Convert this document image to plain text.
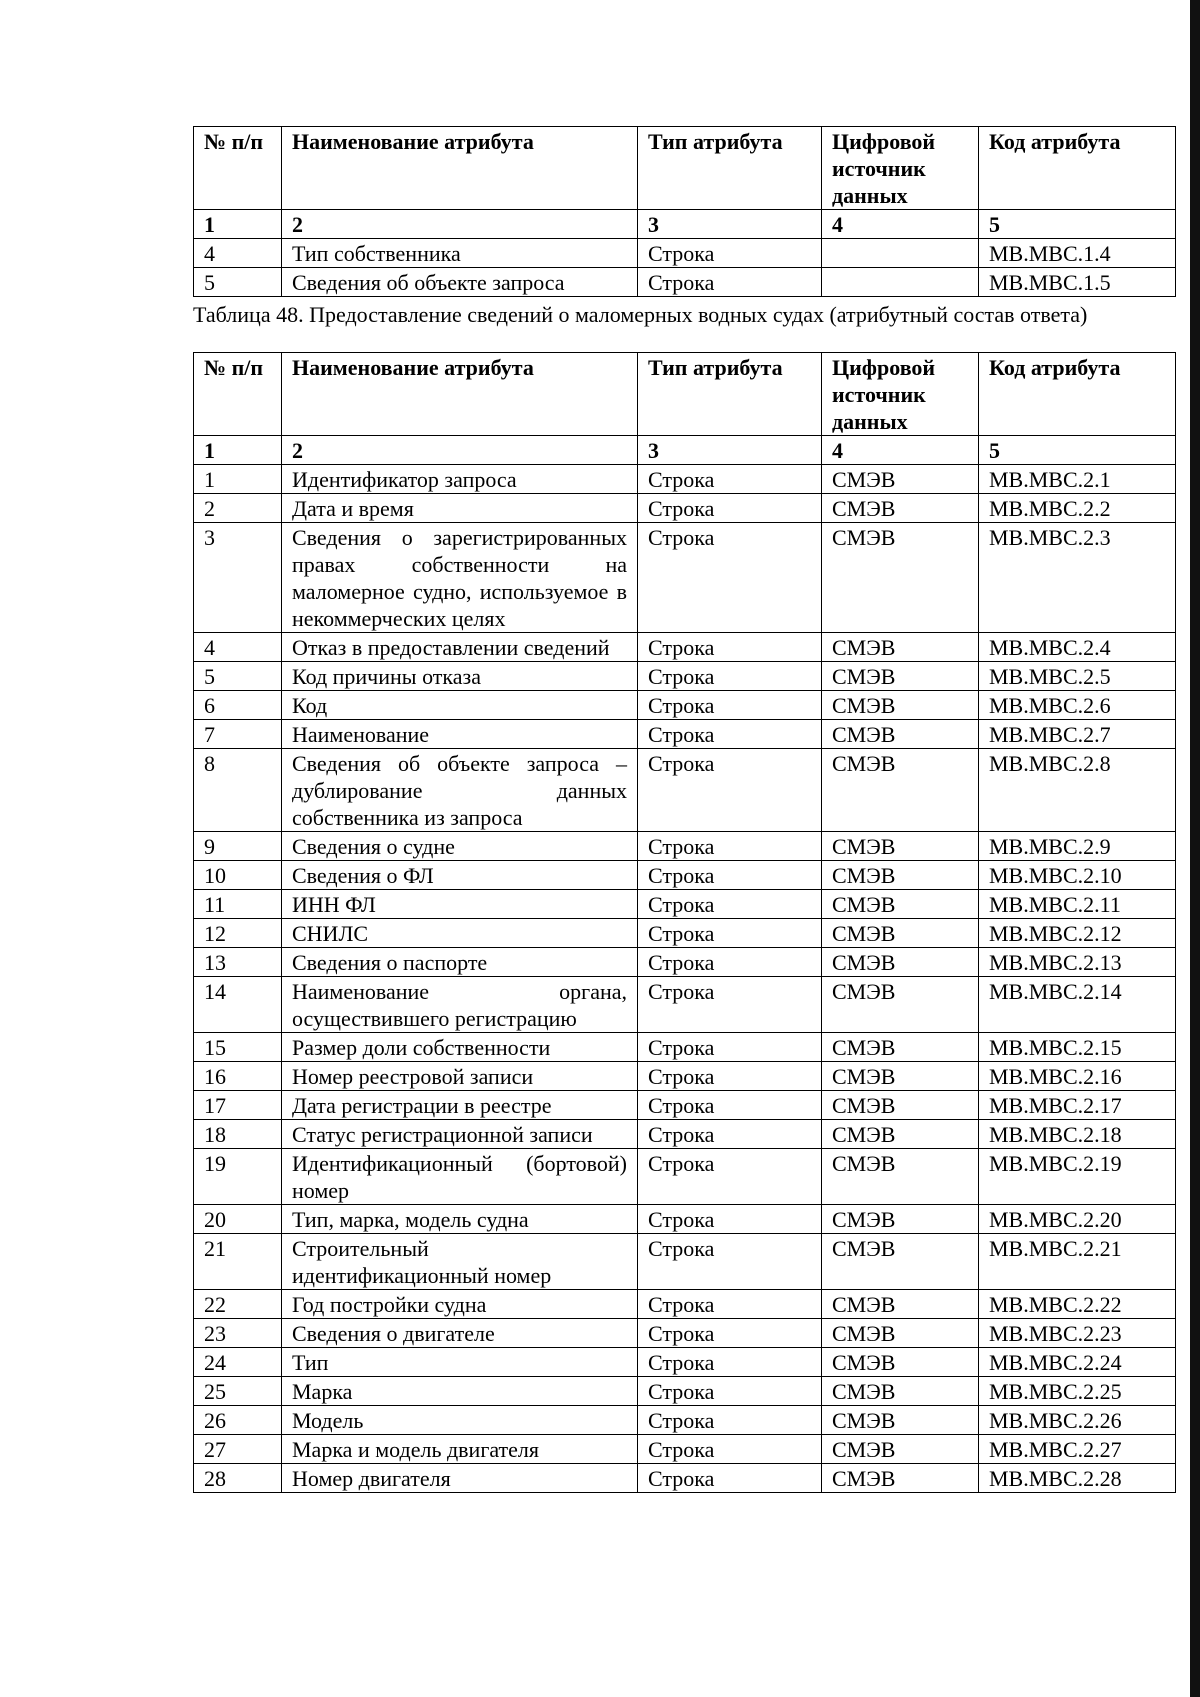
№ п/п	Наименование атрибута	Тип атрибута	Цифровой источник данных	Код атрибута
1	2	3	4	5
4	Тип собственника	Строка		МВ.МВС.1.4
5	Сведения об объекте запроса	Строка		МВ.МВС.1.5
Таблица 48. Предоставление сведений о маломерных водных судах (атрибутный состав ответа)
№ п/п	Наименование атрибута	Тип атрибута	Цифровой источник данных	Код атрибута
1	2	3	4	5
1	Идентификатор запроса	Строка	СМЭВ	МВ.МВС.2.1
2	Дата и время	Строка	СМЭВ	МВ.МВС.2.2
3	Сведения о зарегистрированных правах собственности на маломерное судно, используемое в некоммерческих целях	Строка	СМЭВ	МВ.МВС.2.3
4	Отказ в предоставлении сведений	Строка	СМЭВ	МВ.МВС.2.4
5	Код причины отказа	Строка	СМЭВ	МВ.МВС.2.5
6	Код	Строка	СМЭВ	МВ.МВС.2.6
7	Наименование	Строка	СМЭВ	МВ.МВС.2.7
8	Сведения об объекте запроса – дублирование данных собственника из запроса	Строка	СМЭВ	МВ.МВС.2.8
9	Сведения о судне	Строка	СМЭВ	МВ.МВС.2.9
10	Сведения о ФЛ	Строка	СМЭВ	МВ.МВС.2.10
11	ИНН ФЛ	Строка	СМЭВ	МВ.МВС.2.11
12	СНИЛС	Строка	СМЭВ	МВ.МВС.2.12
13	Сведения о паспорте	Строка	СМЭВ	МВ.МВС.2.13
14	Наименование органа, осуществившего регистрацию	Строка	СМЭВ	МВ.МВС.2.14
15	Размер доли собственности	Строка	СМЭВ	МВ.МВС.2.15
16	Номер реестровой записи	Строка	СМЭВ	МВ.МВС.2.16
17	Дата регистрации в реестре	Строка	СМЭВ	МВ.МВС.2.17
18	Статус регистрационной записи	Строка	СМЭВ	МВ.МВС.2.18
19	Идентификационный (бортовой) номер	Строка	СМЭВ	МВ.МВС.2.19
20	Тип, марка, модель судна	Строка	СМЭВ	МВ.МВС.2.20
21	Строительный идентификационный номер	Строка	СМЭВ	МВ.МВС.2.21
22	Год постройки судна	Строка	СМЭВ	МВ.МВС.2.22
23	Сведения о двигателе	Строка	СМЭВ	МВ.МВС.2.23
24	Тип	Строка	СМЭВ	МВ.МВС.2.24
25	Марка	Строка	СМЭВ	МВ.МВС.2.25
26	Модель	Строка	СМЭВ	МВ.МВС.2.26
27	Марка и модель двигателя	Строка	СМЭВ	МВ.МВС.2.27
28	Номер двигателя	Строка	СМЭВ	МВ.МВС.2.28
